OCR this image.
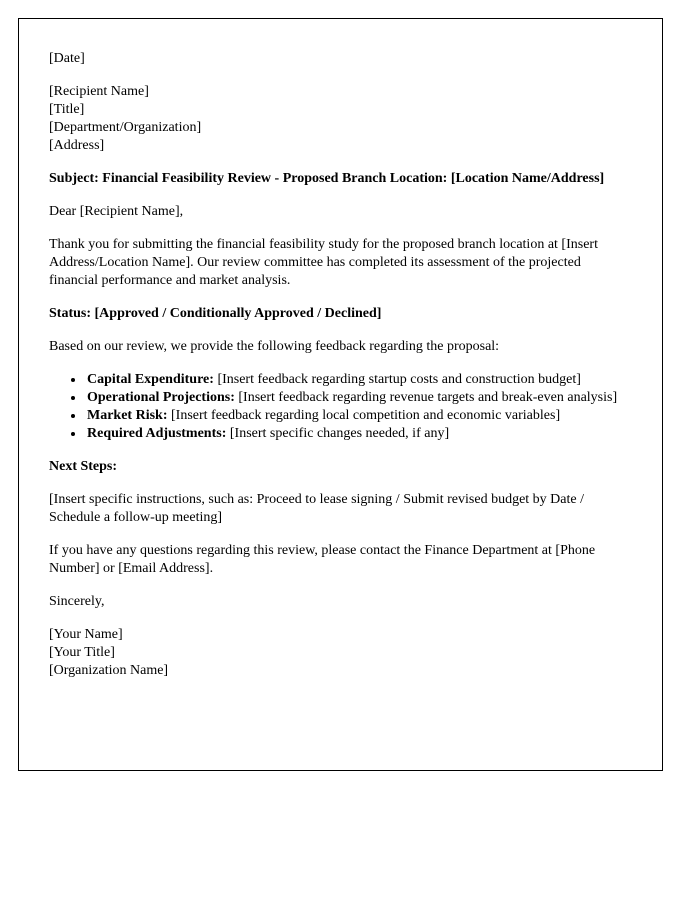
[Date]

[Recipient Name]
[Title]
[Department/Organization]
[Address]

Subject: Financial Feasibility Review - Proposed Branch Location: [Location Name/Address]

Dear [Recipient Name],

Thank you for submitting the financial feasibility study for the proposed branch location at [Insert Address/Location Name]. Our review committee has completed its assessment of the projected financial performance and market analysis.

Status: [Approved / Conditionally Approved / Declined]

Based on our review, we provide the following feedback regarding the proposal:

• Capital Expenditure: [Insert feedback regarding startup costs and construction budget]
• Operational Projections: [Insert feedback regarding revenue targets and break-even analysis]
• Market Risk: [Insert feedback regarding local competition and economic variables]
• Required Adjustments: [Insert specific changes needed, if any]

Next Steps:

[Insert specific instructions, such as: Proceed to lease signing / Submit revised budget by Date / Schedule a follow-up meeting]

If you have any questions regarding this review, please contact the Finance Department at [Phone Number] or [Email Address].

Sincerely,

[Your Name]
[Your Title]
[Organization Name]
